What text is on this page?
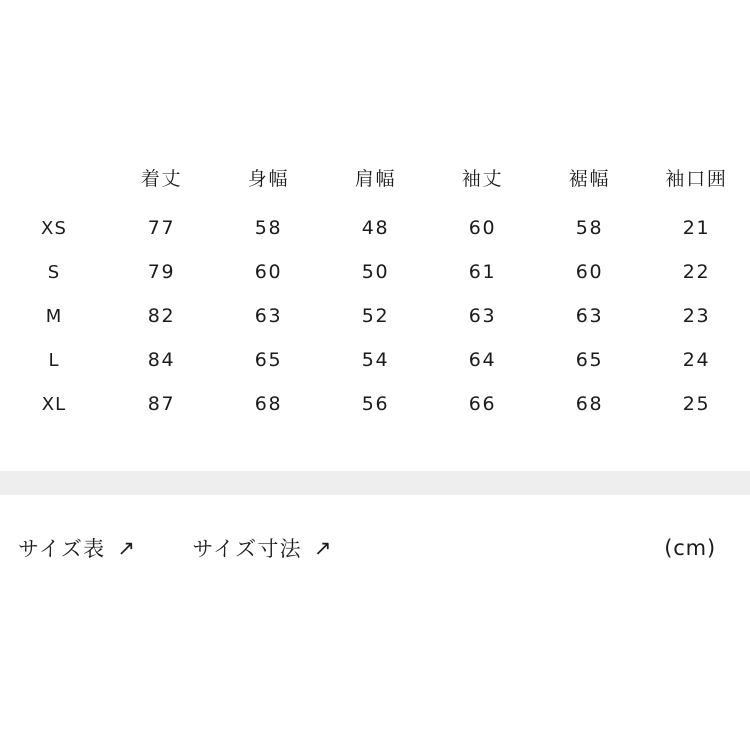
	着丈	身幅	肩幅	袖丈	裾幅	袖口囲
XS	77	58	48	60	58	21
S	79	60	50	61	60	22
M	82	63	52	63	63	23
L	84	65	54	64	65	24
XL	87	68	56	66	68	25
サイズ表 ↗	サイズ寸法 ↗	(cm)
